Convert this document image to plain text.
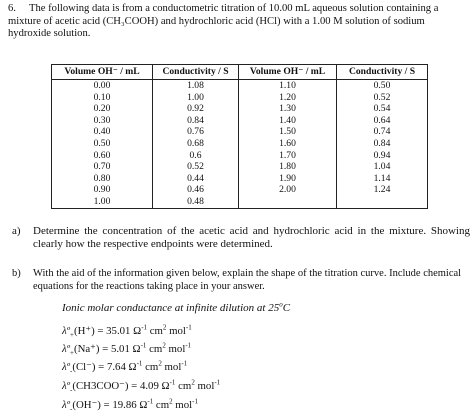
6.	The following data is from a conductometric titration of 10.00 mL aqueous solution containing a
mixture of acetic acid (CH₃COOH) and hydrochloric acid (HCl) with a 1.00 M solution of sodium
hydroxide solution.
Volume OH⁻ / mL	Conductivity / S	Volume OH⁻ / mL	Conductivity / S
0.00	1.08	1.10	0.50
0.10	1.00	1.20	0.52
0.20	0.92	1.30	0.54
0.30	0.84	1.40	0.64
0.40	0.76	1.50	0.74
0.50	0.68	1.60	0.84
0.60	0.6	1.70	0.94
0.70	0.52	1.80	1.04
0.80	0.44	1.90	1.14
0.90	0.46	2.00	1.24
1.00	0.48		
a) Determine the concentration of the acetic acid and hydrochloric acid in the mixture. Showing clearly how the respective endpoints were determined.
b) With the aid of the information given below, explain the shape of the titration curve. Include chemical equations for the reactions taking place in your answer.
Ionic molar conductance at infinite dilution at 25$^o$C
λº$_+$(H⁺) = 35.01 $\Omega^{-1}$ $cm^2$ mol$^{-1}$
λº$_+$(Na⁺) = 5.01 $\Omega^{-1}$ $cm^2$ mol$^{-1}$
λº$_-$(Cl⁻) = 7.64 $\Omega^{-1}$ $cm^2$ mol$^{-1}$
λº$_-$(CH3COO⁻) = 4.09 $\Omega^{-1}$ $cm^2$ mol$^{-1}$
λº$_-$(OH⁻) = 19.86 $\Omega^{-1}$ $cm^2$ mol$^{-1}$
